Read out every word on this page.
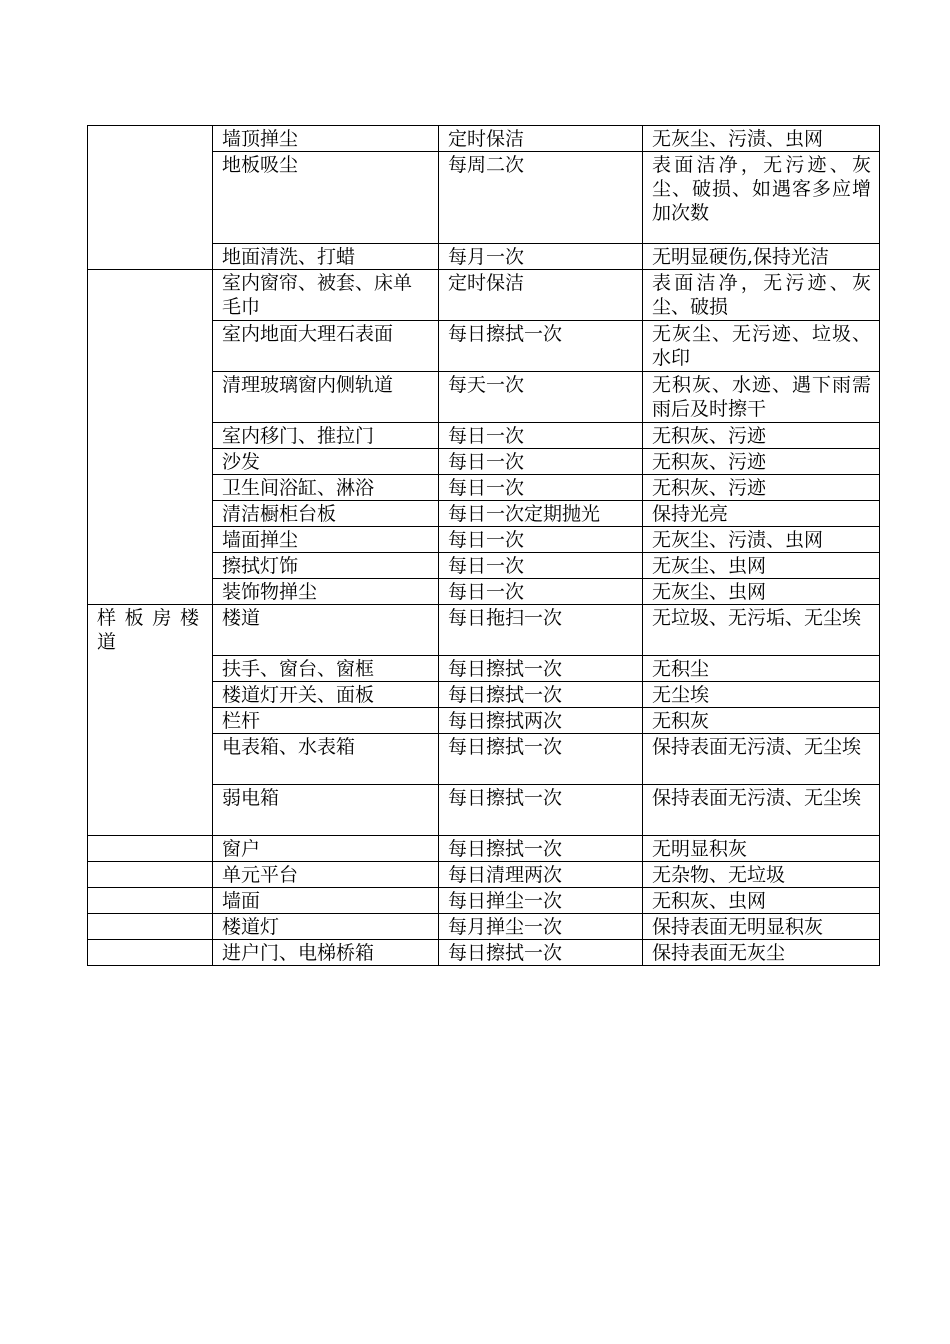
	墙顶掸尘	定时保洁	无灰尘、污渍、虫网
	地板吸尘	每周二次	表面洁净，无污迹、灰尘、破损、如遇客多应增加次数
	地面清洗、打蜡	每月一次	无明显硬伤,保持光洁
	室内窗帘、被套、床单毛巾	定时保洁	表面洁净，无污迹、灰尘、破损
	室内地面大理石表面	每日擦拭一次	无灰尘、无污迹、垃圾、水印
	清理玻璃窗内侧轨道	每天一次	无积灰、水迹、遇下雨需雨后及时擦干
	室内移门、推拉门	每日一次	无积灰、污迹
	沙发	每日一次	无积灰、污迹
	卫生间浴缸、淋浴	每日一次	无积灰、污迹
	清洁橱柜台板	每日一次定期抛光	保持光亮
	墙面掸尘	每日一次	无灰尘、污渍、虫网
	擦拭灯饰	每日一次	无灰尘、虫网
	装饰物掸尘	每日一次	无灰尘、虫网
样板房楼道	楼道	每日拖扫一次	无垃圾、无污垢、无尘埃
	扶手、窗台、窗框	每日擦拭一次	无积尘
	楼道灯开关、面板	每日擦拭一次	无尘埃
	栏杆	每日擦拭两次	无积灰
	电表箱、水表箱	每日擦拭一次	保持表面无污渍、无尘埃
	弱电箱	每日擦拭一次	保持表面无污渍、无尘埃
	窗户	每日擦拭一次	无明显积灰
	单元平台	每日清理两次	无杂物、无垃圾
	墙面	每日掸尘一次	无积灰、虫网
	楼道灯	每月掸尘一次	保持表面无明显积灰
	进户门、电梯桥箱	每日擦拭一次	保持表面无灰尘
